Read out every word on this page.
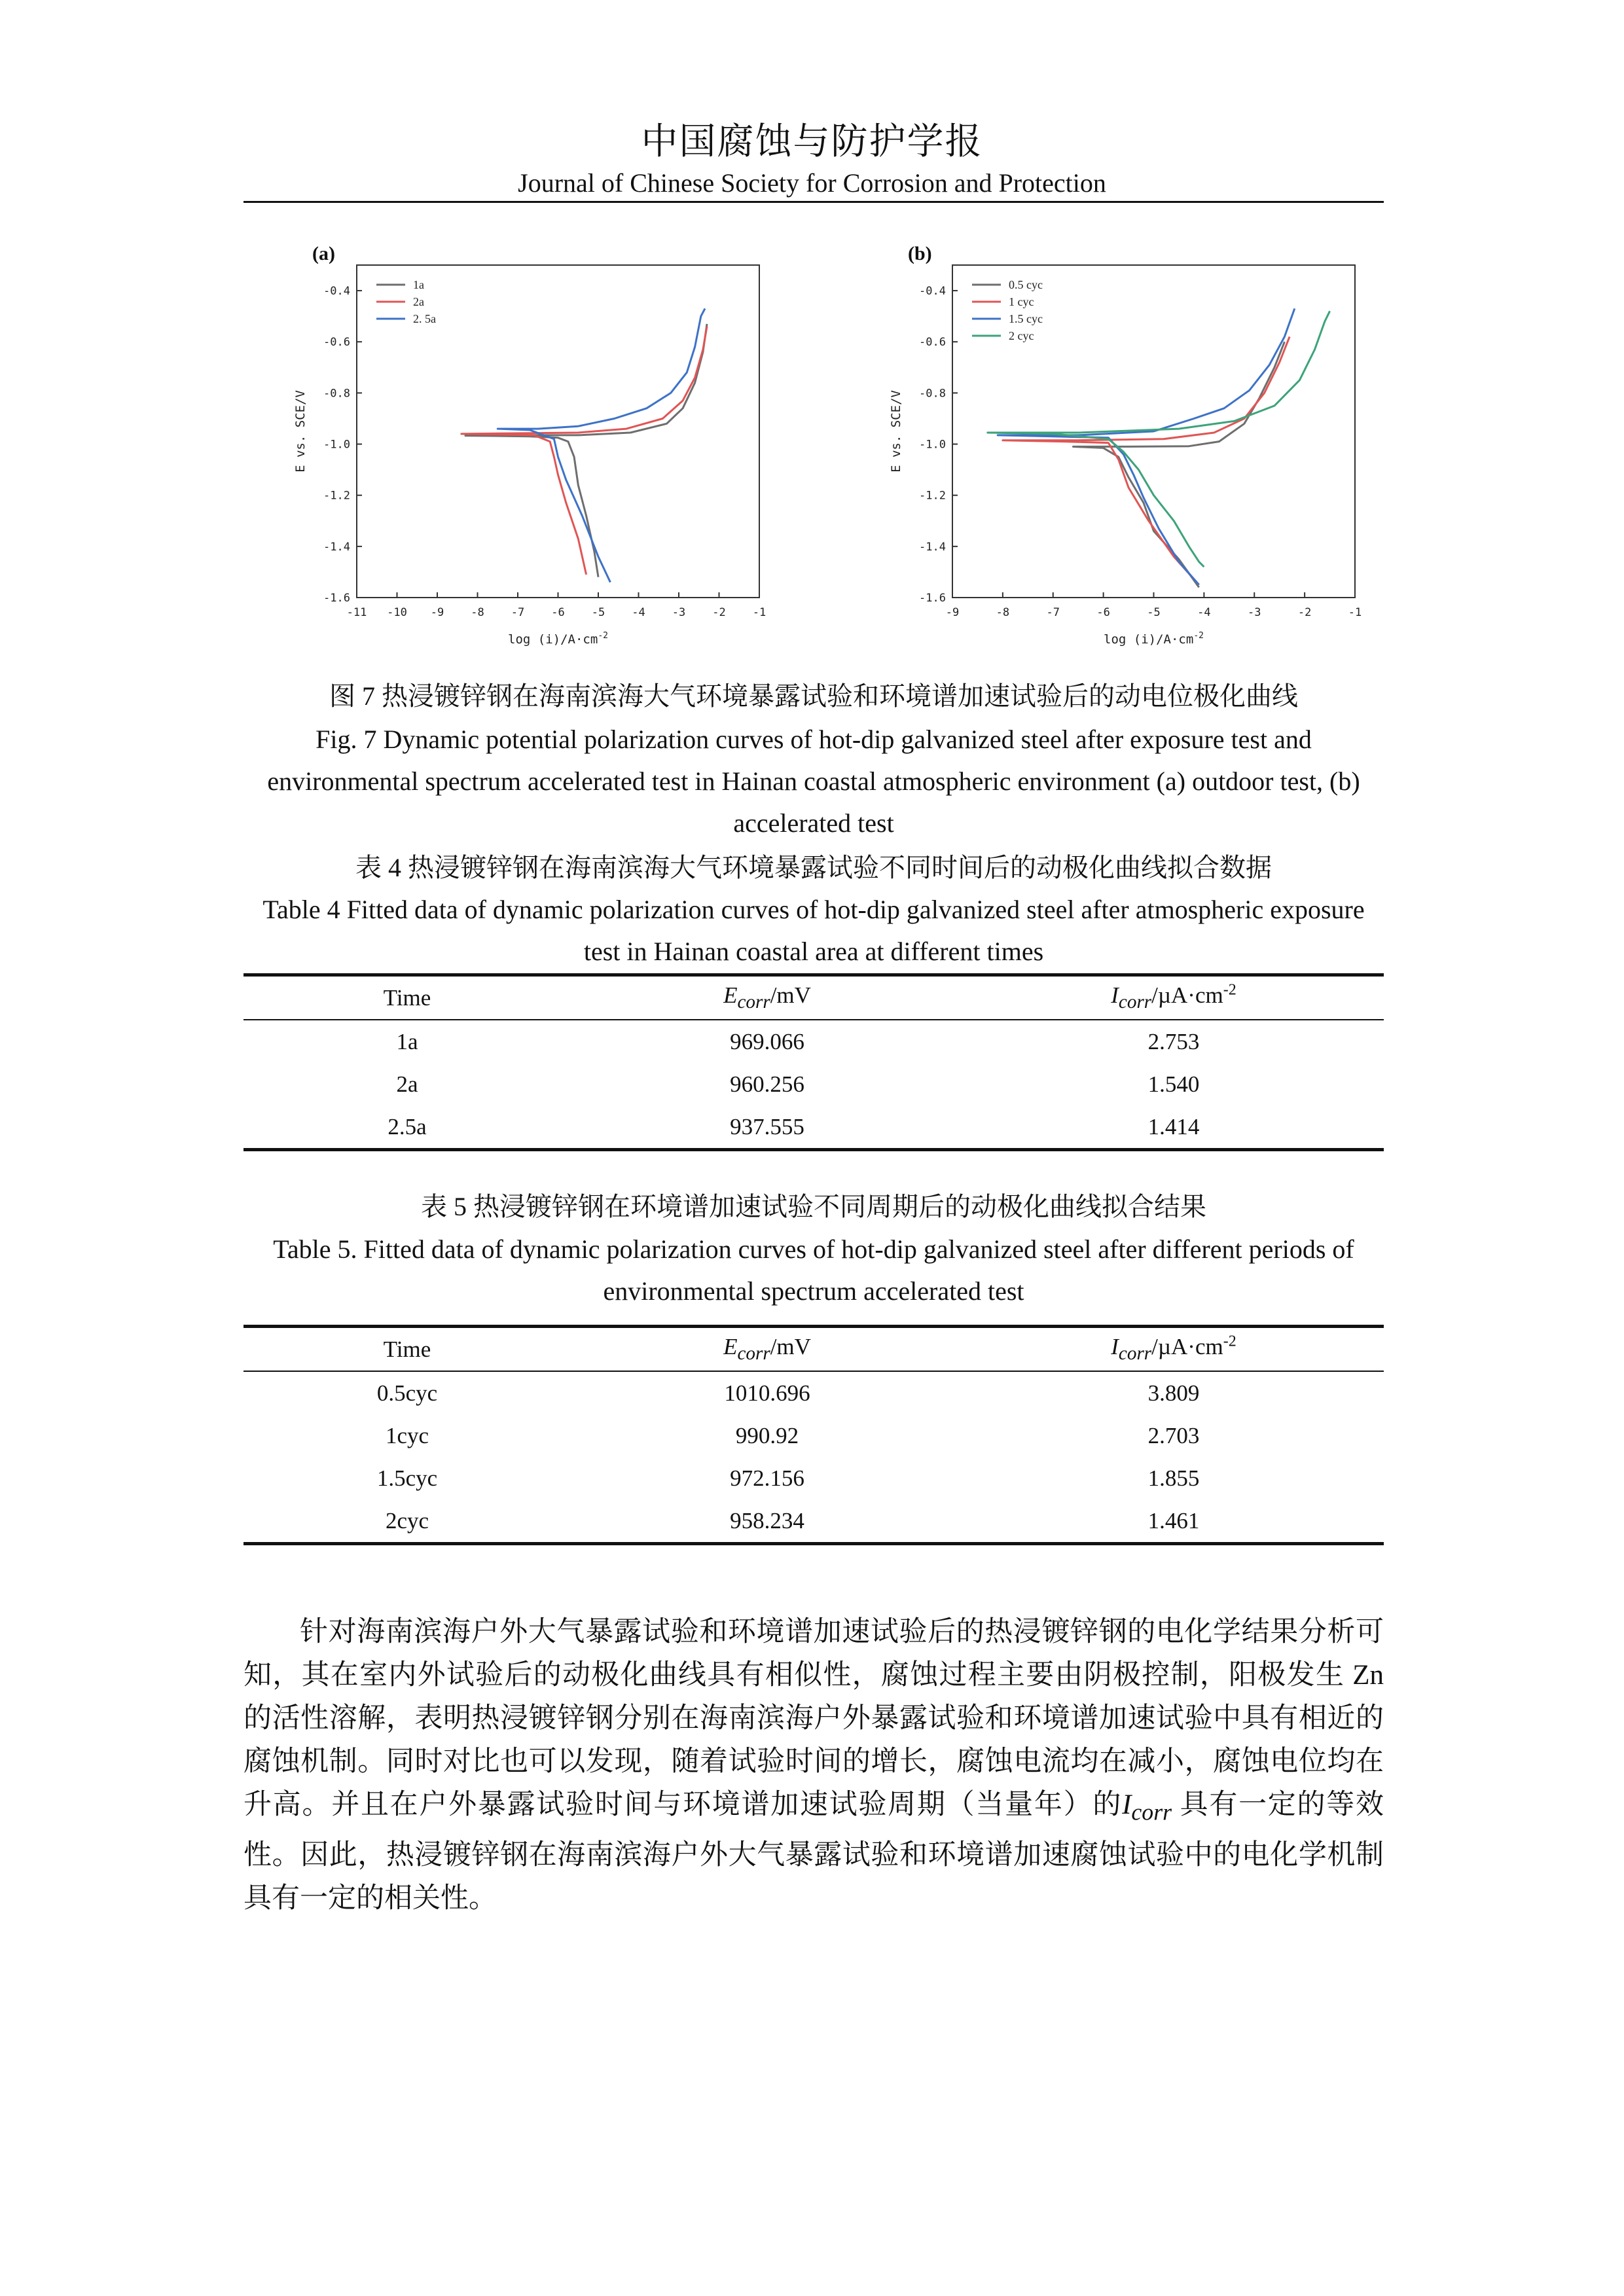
中国腐蚀与防护学报
Journal of Chinese Society for Corrosion and Protection
-11 -10 -9 -8 -7 -6 -5 -4 -3 -2 -1
-0.4
-0.6
-0.8
-1.0
-1.2
-1.4
-1.6
1a
2a
2. 5a
(a)
E vs. SCE/V
$\log (i)/A\cdot cm^{-2}$
-9	-8	-7	-6	-5	-4	-3	-2	-1
-0.4
-0.6
-0.8
-1.0
-1.2
-1.4
-1.6
0.5 cyc
1 cyc
1.5 cyc
2 cyc
(b)
E vs. SCE/V
$\log (i)/A\cdot cm^{-2}$
图 7 热浸镀锌钢在海南滨海大气环境暴露试验和环境谱加速试验后的动电位极化曲线
Fig. 7 Dynamic potential polarization curves of hot-dip galvanized steel after exposure test and environmental spectrum accelerated test in Hainan coastal atmospheric environment (a) outdoor test, (b) accelerated test
表 4 热浸镀锌钢在海南滨海大气环境暴露试验不同时间后的动极化曲线拟合数据
Table 4 Fitted data of dynamic polarization curves of hot-dip galvanized steel after atmospheric exposure test in Hainan coastal area at different times
Time	$E_{corr}/mV$	$I_{corr}/\mu A\cdot cm^{-2}$
1a	969.066	2.753
2a	960.256	1.540
2.5a	937.555	1.414
表 5 热浸镀锌钢在环境谱加速试验不同周期后的动极化曲线拟合结果
Table 5. Fitted data of dynamic polarization curves of hot-dip galvanized steel after different periods of environmental spectrum accelerated test
Time	$E_{corr}/mV$	$I_{corr}/\mu A\cdot cm^{-2}$
0.5cyc	1010.696	3.809
1cyc	990.92	2.703
1.5cyc	972.156	1.855
2cyc	958.234	1.461

针对海南滨海户外大气暴露试验和环境谱加速试验后的热浸镀锌钢的电化学结果分析可知，其在室内外试验后的动极化曲线具有相似性，腐蚀过程主要由阴极控制，阳极发生 Zn 的活性溶解，表明热浸镀锌钢分别在海南滨海户外暴露试验和环境谱加速试验中具有相近的腐蚀机制。同时对比也可以发现，随着试验时间的增长，腐蚀电流均在减小，腐蚀电位均在升高。并且在户外暴露试验时间与环境谱加速试验周期（当量年）的$I_{corr}$ 具有一定的等效性。因此，热浸镀锌钢在海南滨海户外大气暴露试验和环境谱加速腐蚀试验中的电化学机制具有一定的相关性。
